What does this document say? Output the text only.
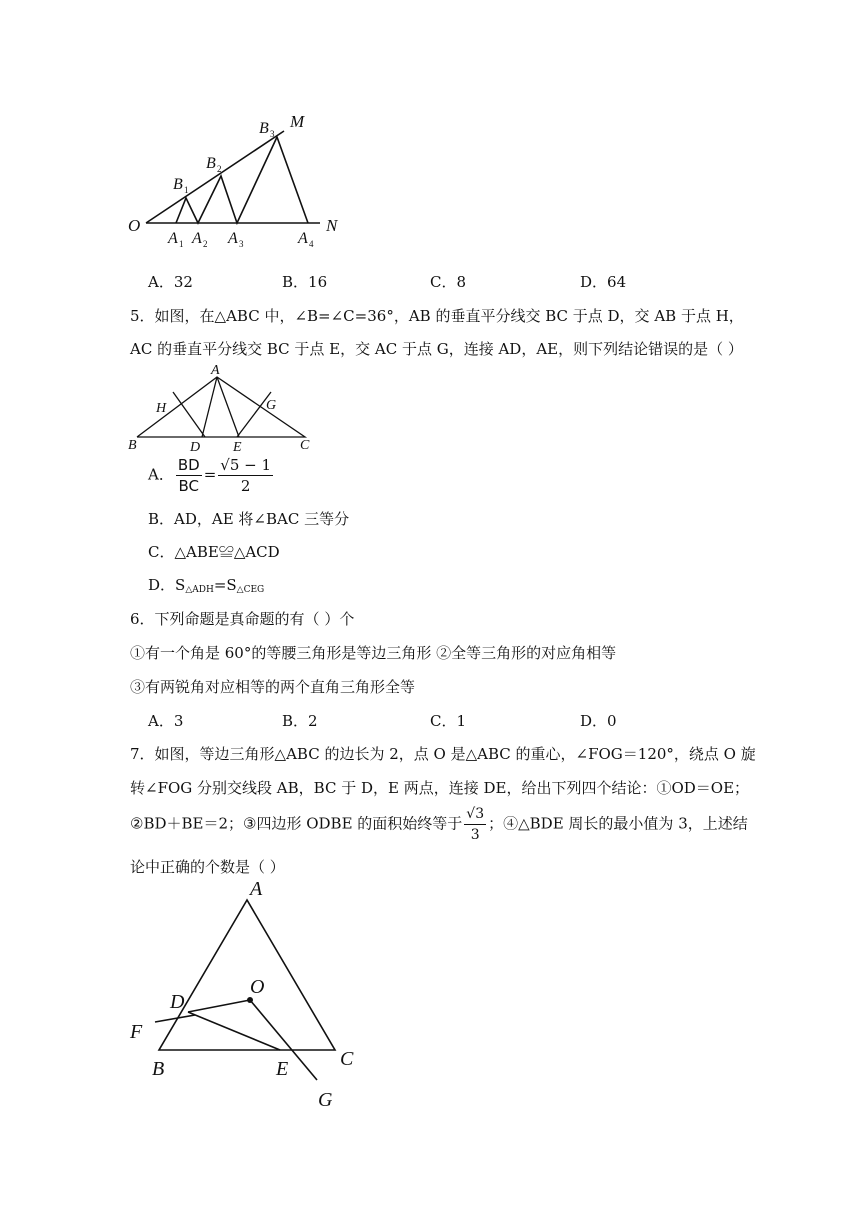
O	N
M
A 1 A 2 A 3	A 4
B 1
B 2
B 3
A．32	B．16	C．8	D．64
5．如图，在△ABC 中，∠B=∠C=36°，AB 的垂直平分线交 BC 于点 D，交 AB 于点 H，
AC 的垂直平分线交 BC 于点 E，交 AC 于点 G，连接 AD，AE，则下列结论错误的是（ ）
A
B	C
D E
H	G
A． $\frac{BD}{BC} = \frac{√5 - 1}{2}$
B．AD，AE 将∠BAC 三等分
C．△ABE≌△ACD
D．$S_{\triangle ADH}=S_{\triangle CEG}$
6．下列命题是真命题的有（ ）个
①有一个角是 60°的等腰三角形是等边三角形 ②全等三角形的对应角相等
③有两锐角对应相等的两个直角三角形全等
A．3	B．2	C．1	D．0
7．如图，等边三角形△ABC 的边长为 2，点 O 是△ABC 的重心，∠FOG＝120°，绕点 O 旋
转∠FOG 分别交线段 AB，BC 于 D，E 两点，连接 DE，给出下列四个结论：①OD＝OE；
②BD＋BE＝2；③四边形 ODBE 的面积始终等于 $\frac{√3}{3}$ ；④△BDE 周长的最小值为 3，上述结
论中正确的个数是（ ）
A
B	C
D
E
F
G
O
